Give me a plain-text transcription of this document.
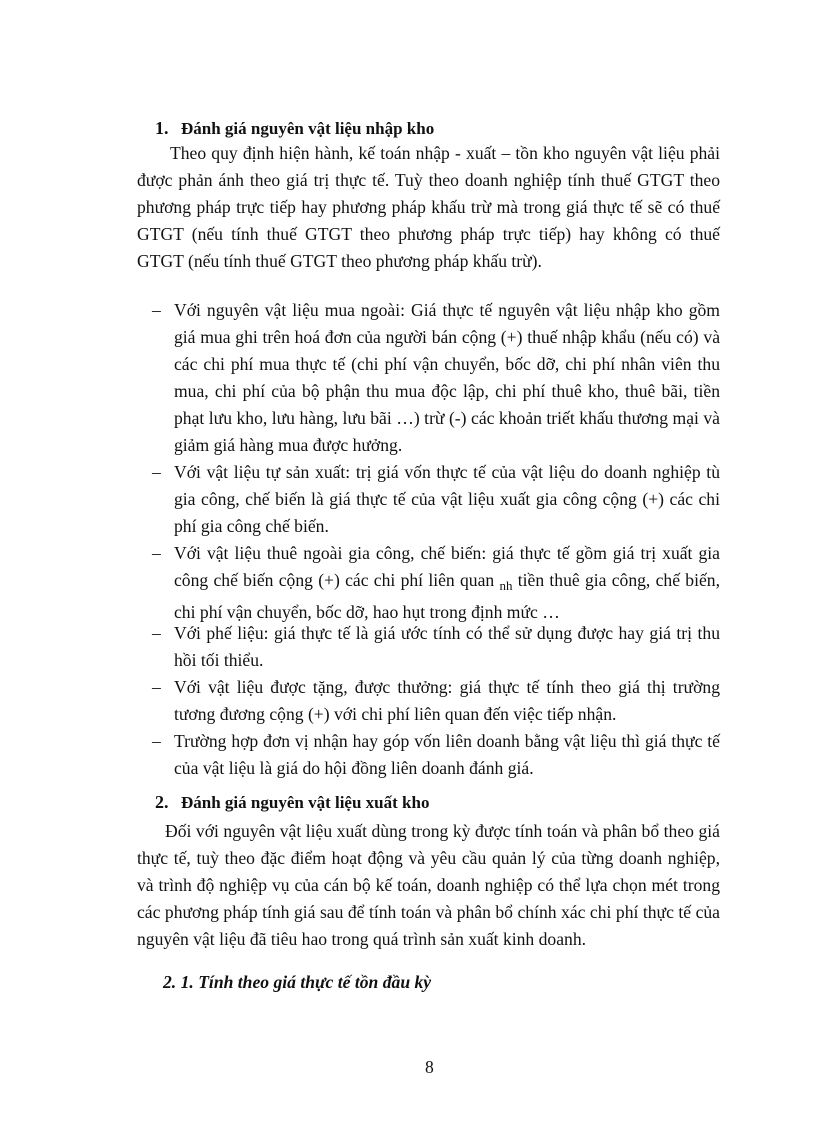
1. Đánh giá nguyên vật liệu nhập kho

Theo quy định hiện hành, kế toán nhập - xuất – tồn kho nguyên vật liệu phải được phản ánh theo giá trị thực tế. Tuỳ theo doanh nghiệp tính thuế GTGT theo phương pháp trực tiếp hay phương pháp khấu trừ mà trong giá thực tế sẽ có thuế GTGT (nếu tính thuế GTGT theo phương pháp trực tiếp) hay không có thuế GTGT (nếu tính thuế GTGT theo phương pháp khấu trừ).

– Với nguyên vật liệu mua ngoài: Giá thực tế nguyên vật liệu nhập kho gồm giá mua ghi trên hoá đơn của người bán cộng (+) thuế nhập khẩu (nếu có) và các chi phí mua thực tế (chi phí vận chuyển, bốc dỡ, chi phí nhân viên thu mua, chi phí của bộ phận thu mua độc lập, chi phí thuê kho, thuê bãi, tiền phạt lưu kho, lưu hàng, lưu bãi …) trừ (-) các khoản triết khấu thương mại và giảm giá hàng mua được hưởng.

– Với vật liệu tự sản xuất: trị giá vốn thực tế của vật liệu do doanh nghiệp tù gia công, chế biến là giá thực tế của vật liệu xuất gia công cộng (+) các chi phí gia công chế biến.

– Với vật liệu thuê ngoài gia công, chế biến: giá thực tế gồm giá trị xuất gia công chế biến cộng (+) các chi phí liên quan $_{nh}$ tiền thuê gia công, chế biến, chi phí vận chuyển, bốc dỡ, hao hụt trong định mức …

– Với phế liệu: giá thực tế là giá ước tính có thể sử dụng được hay giá trị thu hồi tối thiểu.

– Với vật liệu được tặng, được thưởng: giá thực tế tính theo giá thị trường tương đương cộng (+) với chi phí liên quan đến việc tiếp nhận.

– Trường hợp đơn vị nhận hay góp vốn liên doanh bằng vật liệu thì giá thực tế của vật liệu là giá do hội đồng liên doanh đánh giá.

2. Đánh giá nguyên vật liệu xuất kho

Đối với nguyên vật liệu xuất dùng trong kỳ được tính toán và phân bổ theo giá thực tế, tuỳ theo đặc điểm hoạt động và yêu cầu quản lý của từng doanh nghiệp, và trình độ nghiệp vụ của cán bộ kế toán, doanh nghiệp có thể lựa chọn mét trong các phương pháp tính giá sau để tính toán và phân bổ chính xác chi phí thực tế của nguyên vật liệu đã tiêu hao trong quá trình sản xuất kinh doanh.

2. 1. Tính theo giá thực tế tồn đầu kỳ
8
